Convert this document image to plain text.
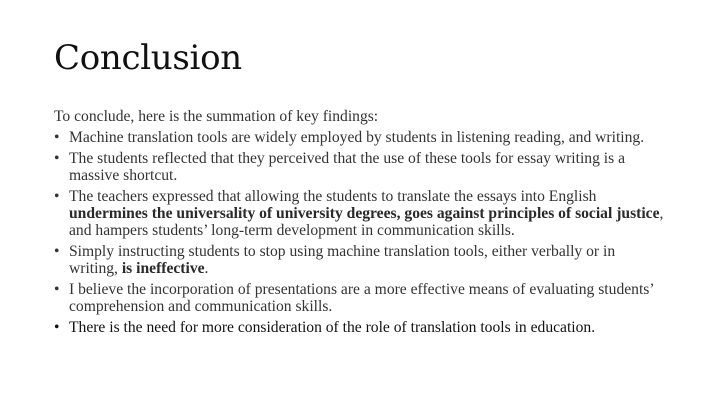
Conclusion

To conclude, here is the summation of key findings:

• Machine translation tools are widely employed by students in listening reading, and writing.
• The students reflected that they perceived that the use of these tools for essay writing is a massive shortcut.
• The teachers expressed that allowing the students to translate the essays into English undermines the universality of university degrees, goes against principles of social justice, and hampers students’ long-term development in communication skills.
• Simply instructing students to stop using machine translation tools, either verbally or in writing, is ineffective.
• I believe the incorporation of presentations are a more effective means of evaluating students’ comprehension and communication skills.
• There is the need for more consideration of the role of translation tools in education.
